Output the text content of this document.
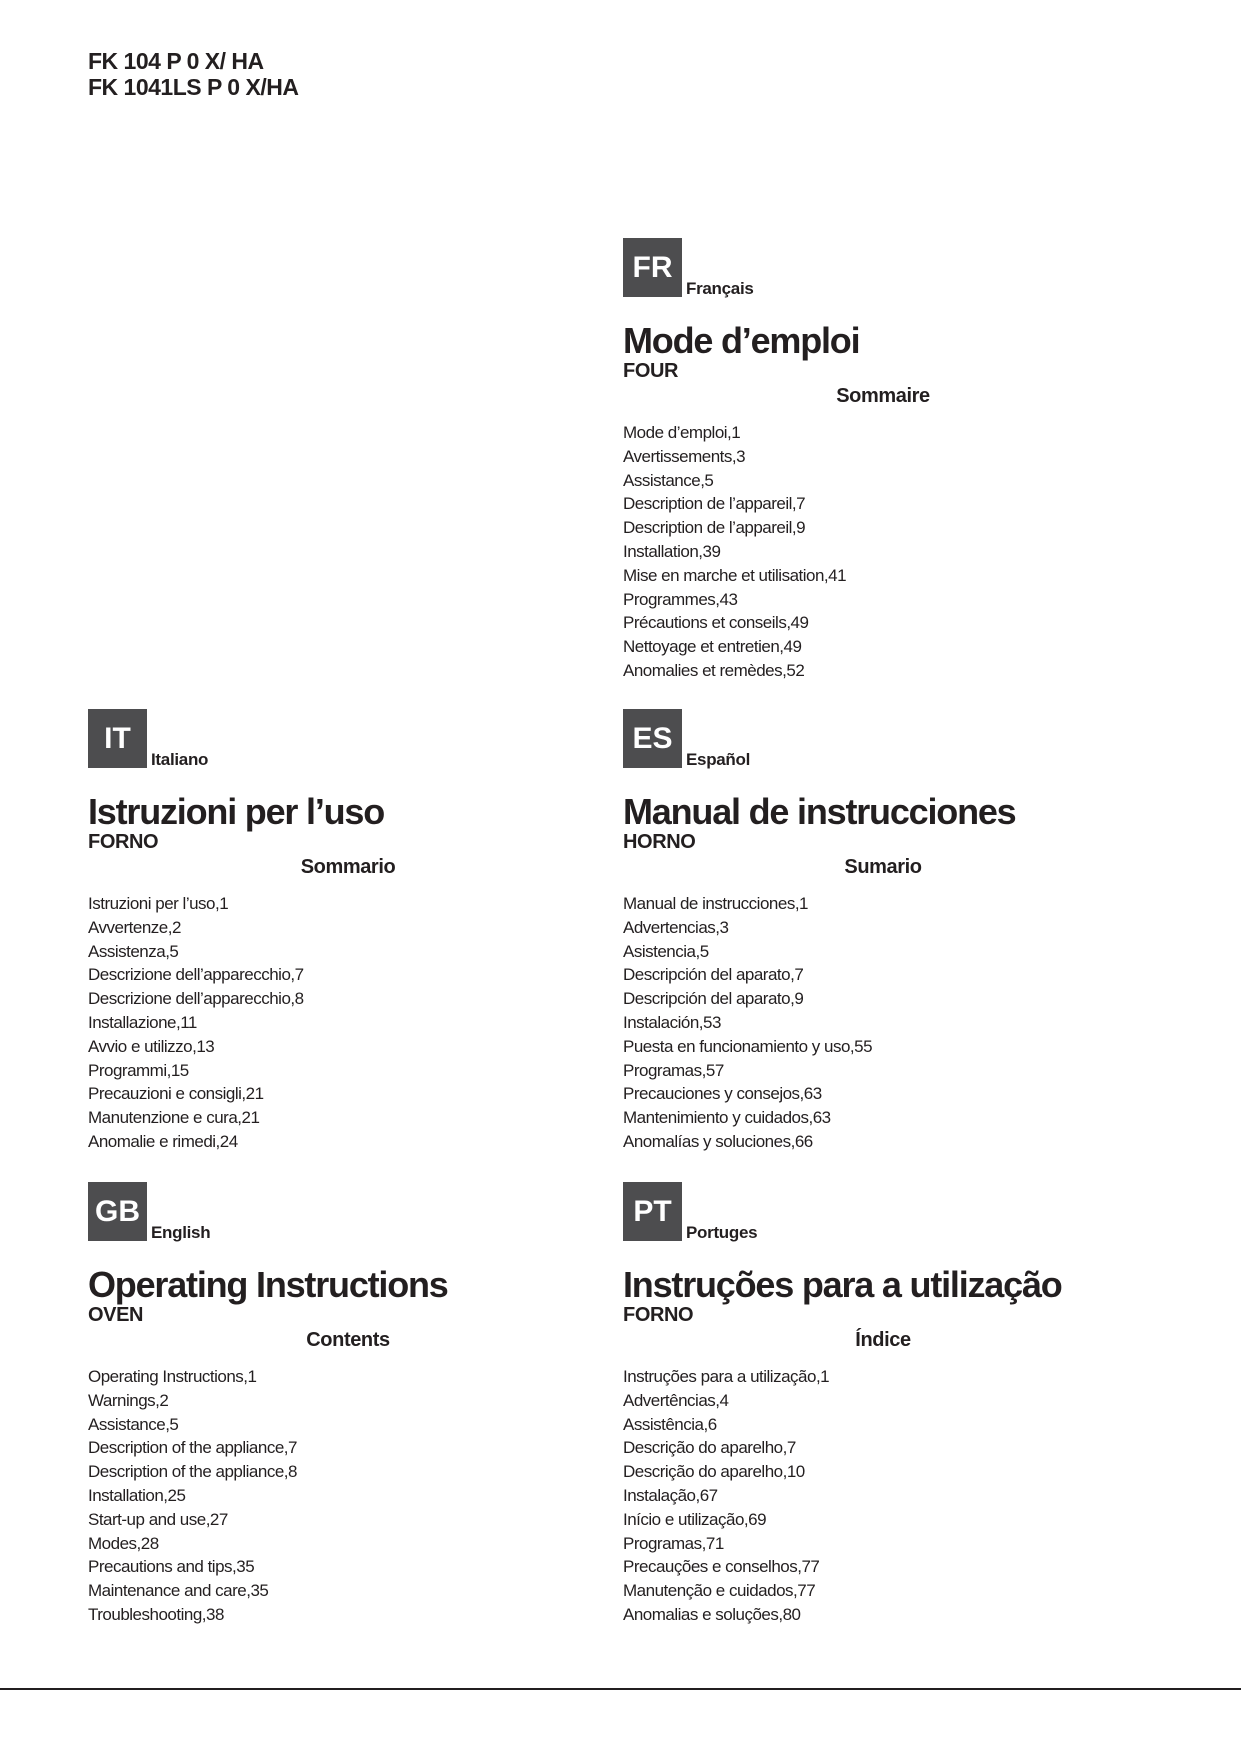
FK 104 P 0 X/ HA
FK 1041LS P 0 X/HA
FR
Français
Mode d’emploi
FOUR
Sommaire
Mode d’emploi,1
Avertissements,3
Assistance,5
Description de l’appareil,7
Description de l’appareil,9
Installation,39
Mise en marche et utilisation,41
Programmes,43
Précautions et conseils,49
Nettoyage et entretien,49
Anomalies et remèdes,52
IT
Italiano
Istruzioni per l’uso
FORNO
Sommario
Istruzioni per l’uso,1
Avvertenze,2
Assistenza,5
Descrizione dell’apparecchio,7
Descrizione dell’apparecchio,8
Installazione,11
Avvio e utilizzo,13
Programmi,15
Precauzioni e consigli,21
Manutenzione e cura,21
Anomalie e rimedi,24
ES
Español
Manual de instrucciones
HORNO
Sumario
Manual de instrucciones,1
Advertencias,3
Asistencia,5
Descripción del aparato,7
Descripción del aparato,9
Instalación,53
Puesta en funcionamiento y uso,55
Programas,57
Precauciones y consejos,63
Mantenimiento y cuidados,63
Anomalías y soluciones,66
GB
English
Operating Instructions
OVEN
Contents
Operating Instructions,1
Warnings,2
Assistance,5
Description of the appliance,7
Description of the appliance,8
Installation,25
Start-up and use,27
Modes,28
Precautions and tips,35
Maintenance and care,35
Troubleshooting,38
PT
Portuges
Instruções para a utilização
FORNO
Índice
Instruções para a utilização,1
Advertências,4
Assistência,6
Descrição do aparelho,7
Descrição do aparelho,10
Instalação,67
Início e utilização,69
Programas,71
Precauções e conselhos,77
Manutenção e cuidados,77
Anomalias e soluções,80
